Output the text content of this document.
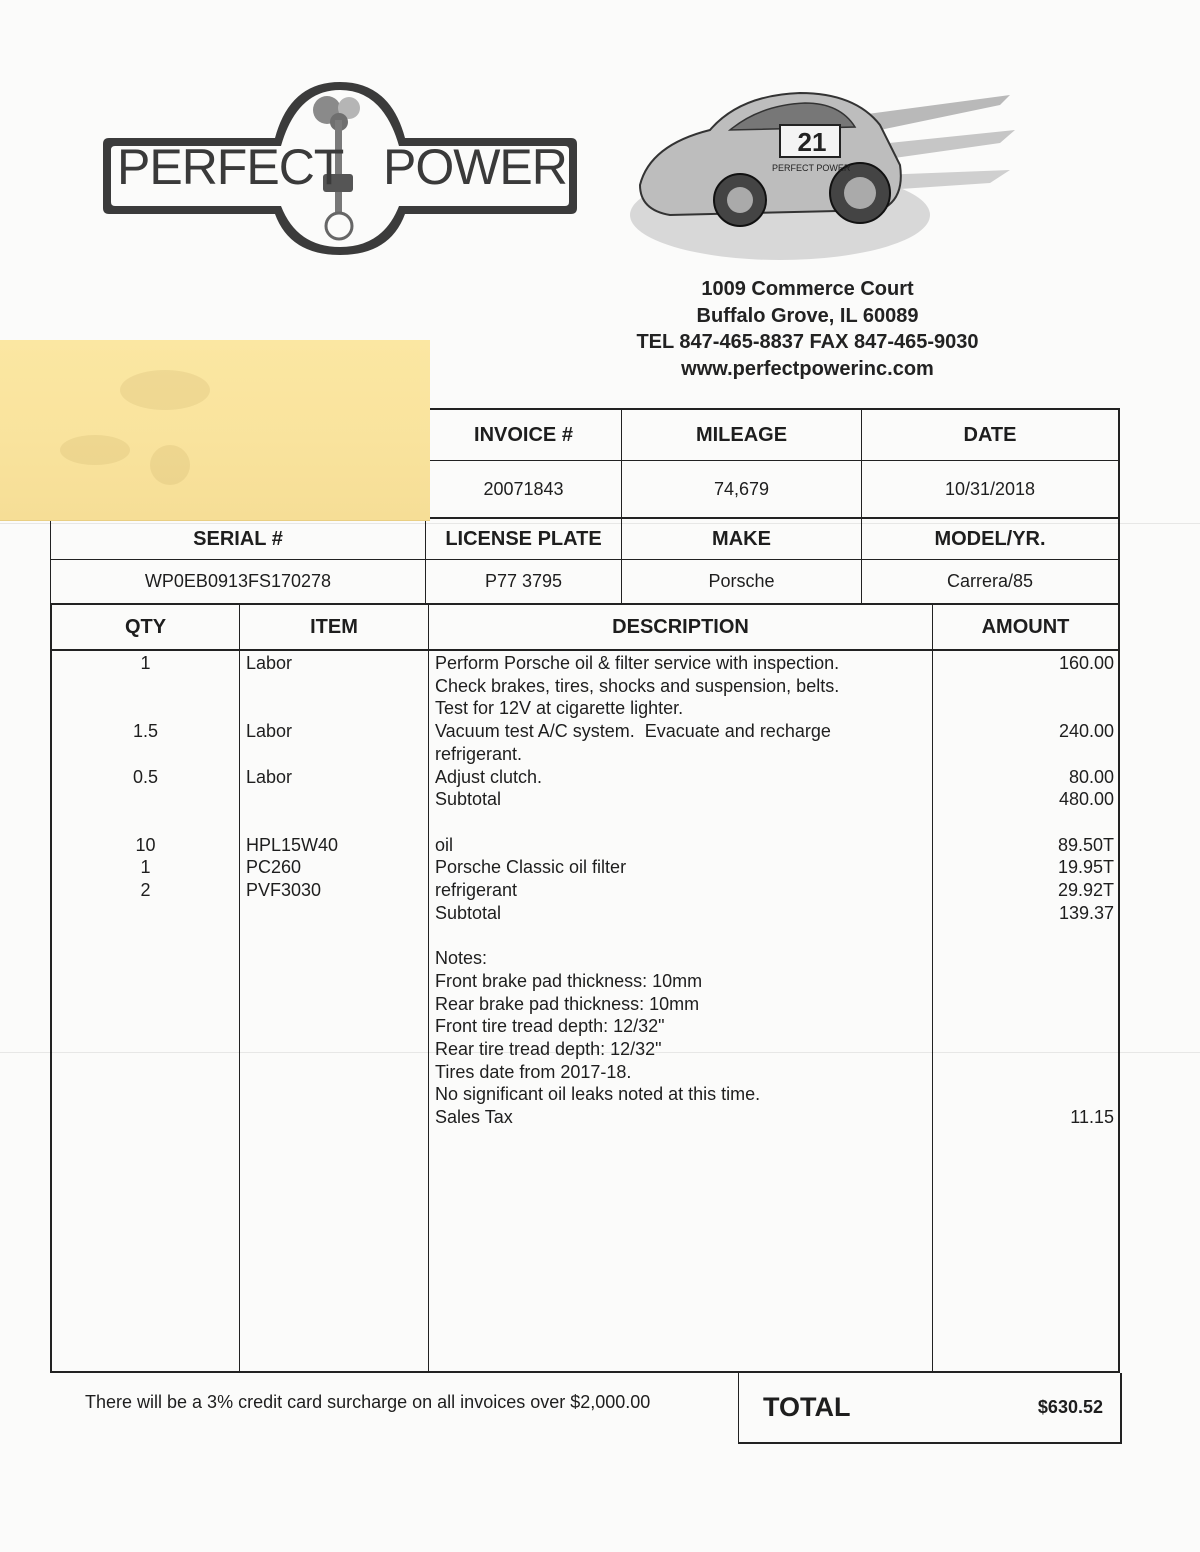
PERFECT POWER	21
PERFECT POWER
1009 Commerce Court
Buffalo Grove, IL 60089
TEL 847-465-8837 FAX 847-465-9030
www.perfectpowerinc.com
INVOICE #	MILEAGE	DATE
20071843	74,679	10/31/2018
SERIAL #	LICENSE PLATE	MAKE	MODEL/YR.
WP0EB0913FS170278	P77 3795	Porsche	Carrera/85
QTY	ITEM	DESCRIPTION	AMOUNT
1	Labor	Perform Porsche oil & filter service with inspection.	160.00
Check brakes, tires, shocks and suspension, belts.
Test for 12V at cigarette lighter.
1.5	Labor	Vacuum test A/C system.  Evacuate and recharge	240.00
refrigerant.
0.5	Labor	Adjust clutch.	80.00
Subtotal	480.00
10	HPL15W40	oil	89.50T
1	PC260	Porsche Classic oil filter	19.95T
2	PVF3030	refrigerant	29.92T
Subtotal	139.37
Notes:
Front brake pad thickness: 10mm
Rear brake pad thickness: 10mm
Front tire tread depth: 12/32"
Rear tire tread depth: 12/32"
Tires date from 2017-18.
No significant oil leaks noted at this time.
Sales Tax	11.15
There will be a 3% credit card surcharge on all invoices over $2,000.00	TOTAL	$630.52
